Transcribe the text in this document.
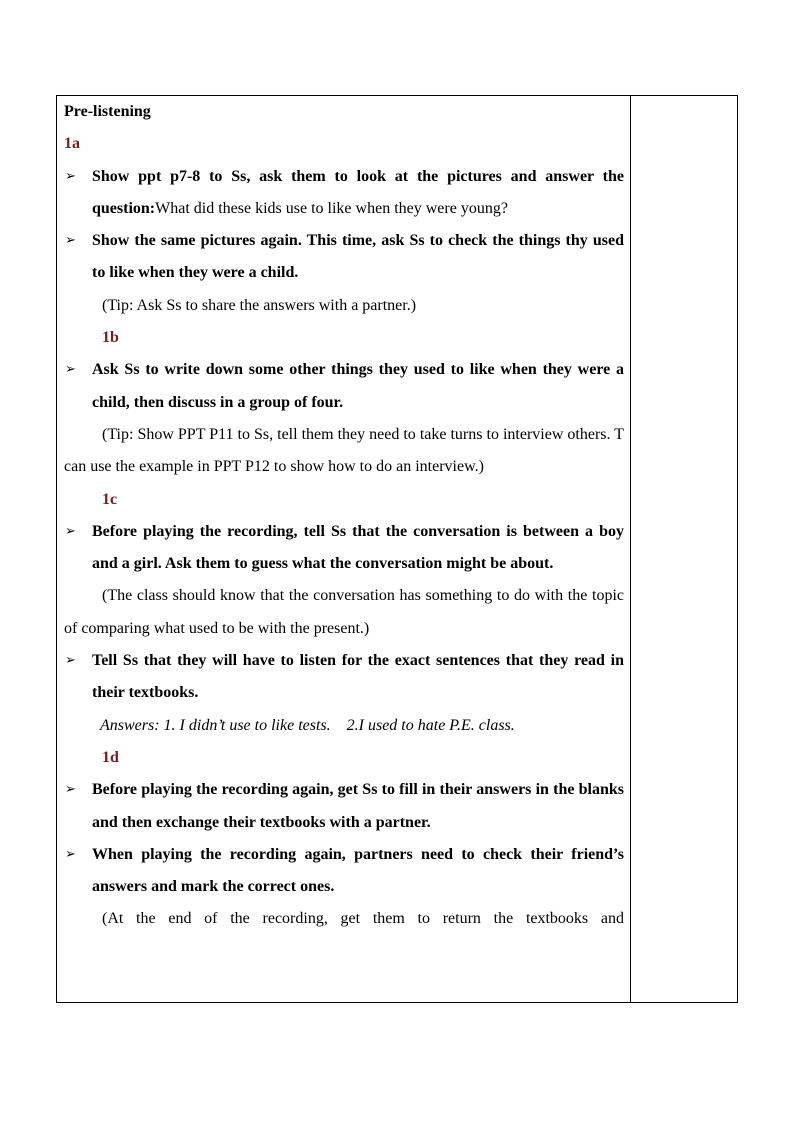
Pre-listening

1a

➢ Show ppt p7-8 to Ss, ask them to look at the pictures and answer the question:What did these kids use to like when they were young?

➢ Show the same pictures again. This time, ask Ss to check the things thy used to like when they were a child.

(Tip: Ask Ss to share the answers with a partner.)

1b

➢ Ask Ss to write down some other things they used to like when they were a child, then discuss in a group of four.

(Tip: Show PPT P11 to Ss, tell them they need to take turns to interview others. T can use the example in PPT P12 to show how to do an interview.)

1c

➢ Before playing the recording, tell Ss that the conversation is between a boy and a girl. Ask them to guess what the conversation might be about.

(The class should know that the conversation has something to do with the topic of comparing what used to be with the present.)

➢ Tell Ss that they will have to listen for the exact sentences that they read in their textbooks.

Answers: 1. I didn’t use to like tests.    2.I used to hate P.E. class.

1d

➢ Before playing the recording again, get Ss to fill in their answers in the blanks and then exchange their textbooks with a partner.

➢ When playing the recording again, partners need to check their friend’s answers and mark the correct ones.

(At the end of the recording, get them to return the textbooks and
